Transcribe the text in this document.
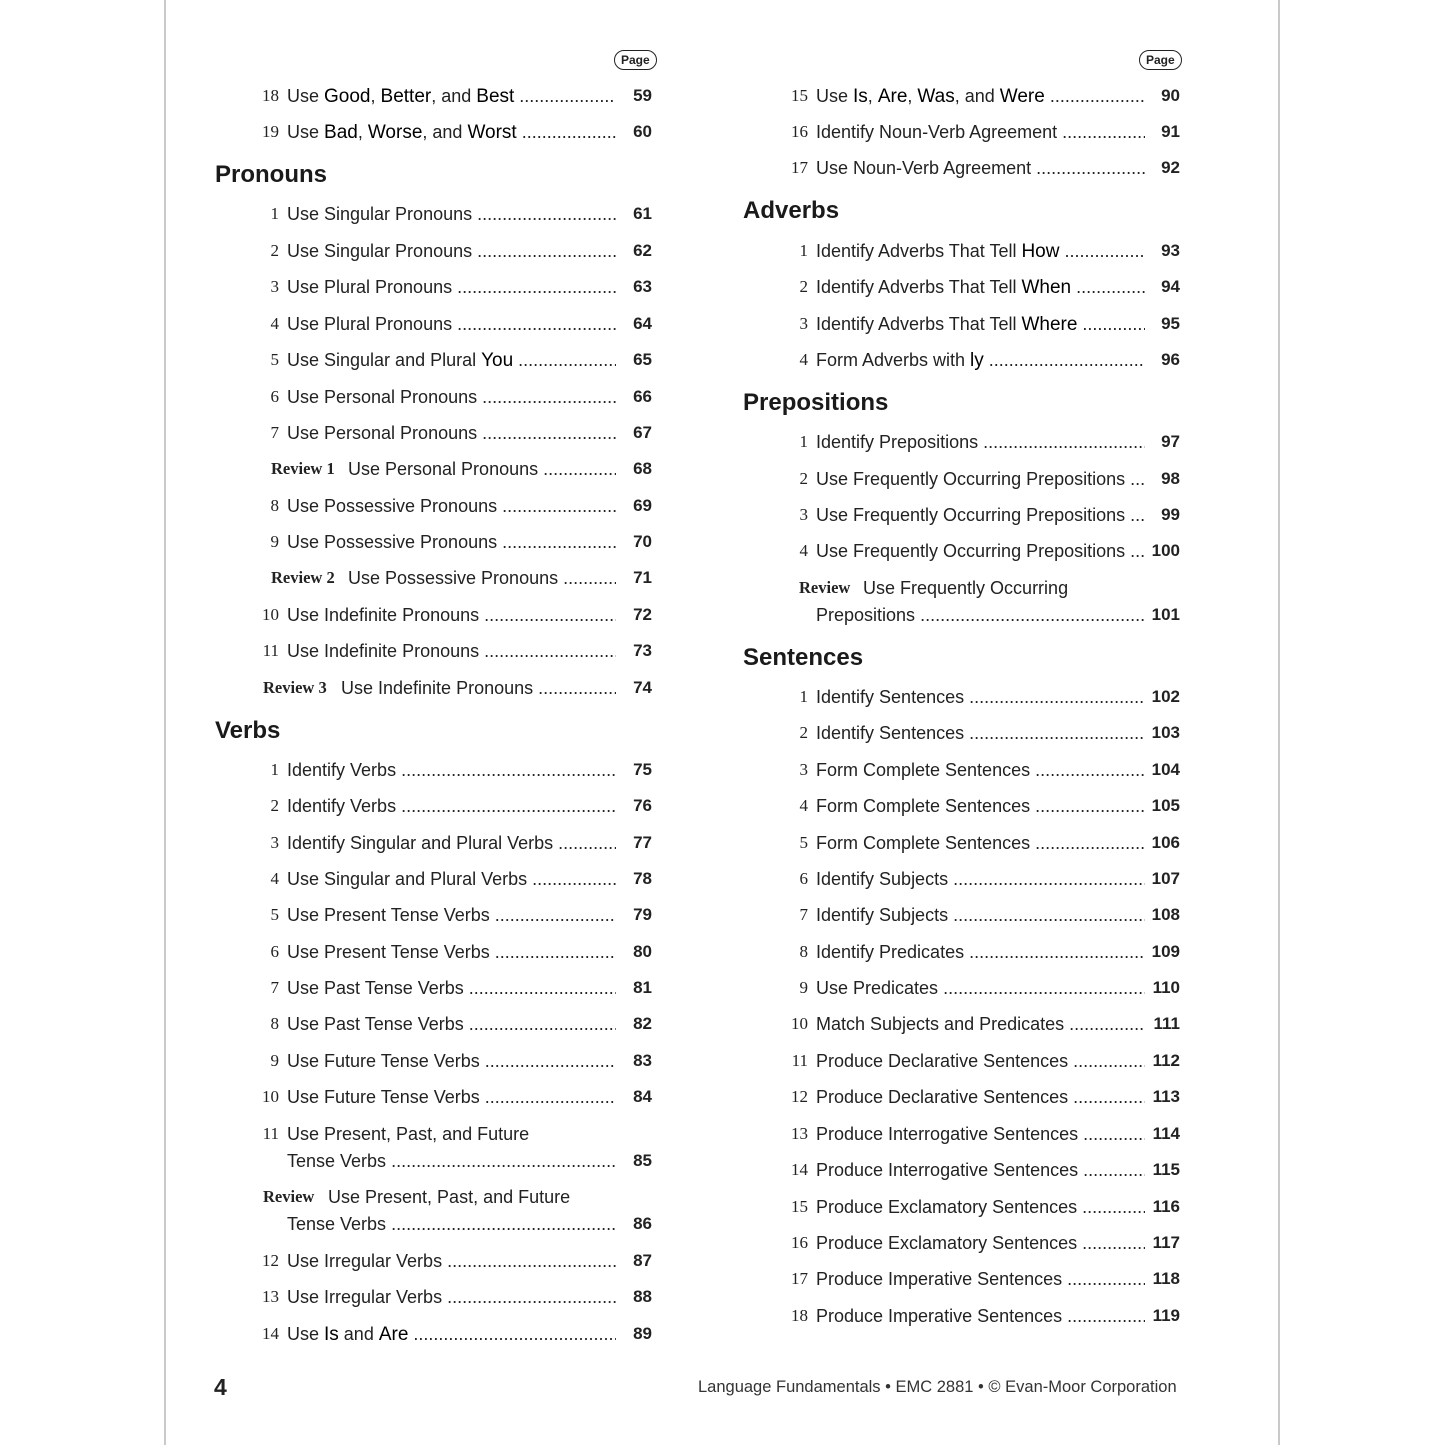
18 Use Good, Better, and Best .....	59
19 Use Bad, Worse, and Worst .....	60
Pronouns
1 Use Singular Pronouns .....	61
2 Use Singular Pronouns .....	62
3 Use Plural Pronouns .....	63
4 Use Plural Pronouns .....	64
5 Use Singular and Plural You .....	65
6 Use Personal Pronouns .....	66
7 Use Personal Pronouns .....	67
Review 1 Use Personal Pronouns .....	68
8 Use Possessive Pronouns .....	69
9 Use Possessive Pronouns .....	70
Review 2 Use Possessive Pronouns .....	71
10 Use Indefinite Pronouns .....	72
11 Use Indefinite Pronouns .....	73
Review 3 Use Indefinite Pronouns .....	74
Verbs
1 Identify Verbs .....	75
2 Identify Verbs .....	76
3 Identify Singular and Plural Verbs .....	77
4 Use Singular and Plural Verbs .....	78
5 Use Present Tense Verbs .....	79
6 Use Present Tense Verbs .....	80
7 Use Past Tense Verbs .....	81
8 Use Past Tense Verbs .....	82
9 Use Future Tense Verbs .....	83
10 Use Future Tense Verbs .....	84
11 Use Present, Past, and Future
Tense Verbs .....	85
Review Use Present, Past, and Future
Tense Verbs .....	86
12 Use Irregular Verbs .....	87
13 Use Irregular Verbs .....	88
14 Use Is and Are .....	89
15 Use Is, Are, Was, and Were .....	90
16 Identify Noun-Verb Agreement .....	91
17 Use Noun-Verb Agreement .....	92
Adverbs
1 Identify Adverbs That Tell How .....	93
2 Identify Adverbs That Tell When .....	94
3 Identify Adverbs That Tell Where .....	95
4 Form Adverbs with ly .....	96
Prepositions
1 Identify Prepositions .....	97
2 Use Frequently Occurring Prepositions .....	98
3 Use Frequently Occurring Prepositions .....	99
4 Use Frequently Occurring Prepositions .....	100
Review Use Frequently Occurring
Prepositions .....	101
Sentences
1 Identify Sentences .....	102
2 Identify Sentences .....	103
3 Form Complete Sentences .....	104
4 Form Complete Sentences .....	105
5 Form Complete Sentences .....	106
6 Identify Subjects .....	107
7 Identify Subjects .....	108
8 Identify Predicates .....	109
9 Use Predicates .....	110
10 Match Subjects and Predicates .....	111
11 Produce Declarative Sentences .....	112
12 Produce Declarative Sentences .....	113
13 Produce Interrogative Sentences .....	114
14 Produce Interrogative Sentences .....	115
15 Produce Exclamatory Sentences .....	116
16 Produce Exclamatory Sentences .....	117
17 Produce Imperative Sentences .....	118
18 Produce Imperative Sentences .....	119
Page	Page
4	Language Fundamentals • EMC 2881 • © Evan-Moor Corporation
